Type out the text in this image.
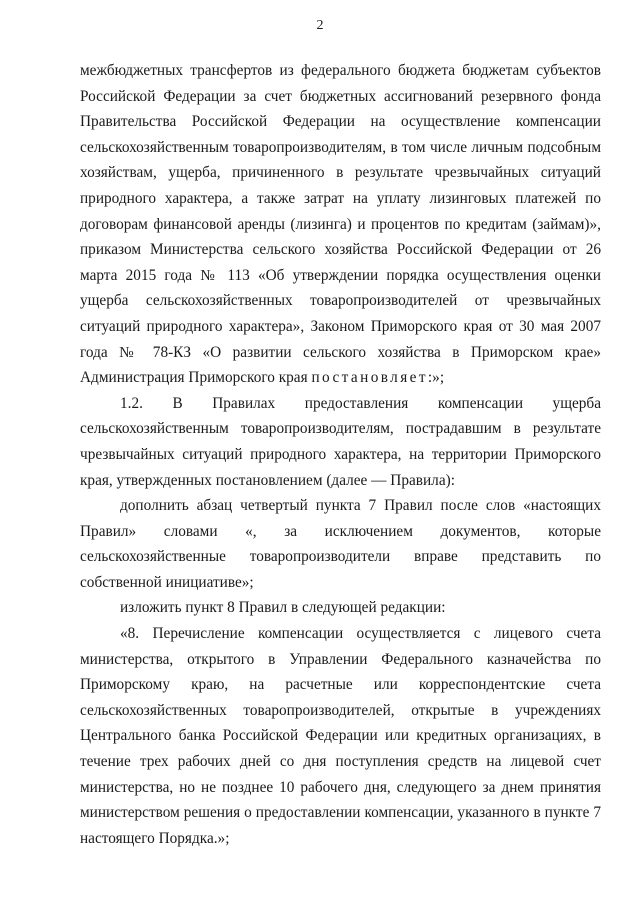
2

межбюджетных трансфертов из федерального бюджета бюджетам субъектов Российской Федерации за счет бюджетных ассигнований резервного фонда Правительства Российской Федерации на осуществление компенсации сельскохозяйственным товаропроизводителям, в том числе личным подсобным хозяйствам, ущерба, причиненного в результате чрезвычайных ситуаций природного характера, а также затрат на уплату лизинговых платежей по договорам финансовой аренды (лизинга) и процентов по кредитам (займам)», приказом Министерства сельского хозяйства Российской Федерации от 26 марта 2015 года № 113 «Об утверждении порядка осуществления оценки ущерба сельскохозяйственных товаропроизводителей от чрезвычайных ситуаций природного характера», Законом Приморского края от 30 мая 2007 года № 78-КЗ «О развитии сельского хозяйства в Приморском крае» Администрация Приморского края постановляет:»;

1.2. В Правилах предоставления компенсации ущерба сельскохозяйственным товаропроизводителям, пострадавшим в результате чрезвычайных ситуаций природного характера, на территории Приморского края, утвержденных постановлением (далее — Правила):

дополнить абзац четвертый пункта 7 Правил после слов «настоящих Правил» словами «, за исключением документов, которые сельскохозяйственные товаропроизводители вправе представить по собственной инициативе»;

изложить пункт 8 Правил в следующей редакции:

«8. Перечисление компенсации осуществляется с лицевого счета министерства, открытого в Управлении Федерального казначейства по Приморскому краю, на расчетные или корреспондентские счета сельскохозяйственных товаропроизводителей, открытые в учреждениях Центрального банка Российской Федерации или кредитных организациях, в течение трех рабочих дней со дня поступления средств на лицевой счет министерства, но не позднее 10 рабочего дня, следующего за днем принятия министерством решения о предоставлении компенсации, указанного в пункте 7 настоящего Порядка.»;
